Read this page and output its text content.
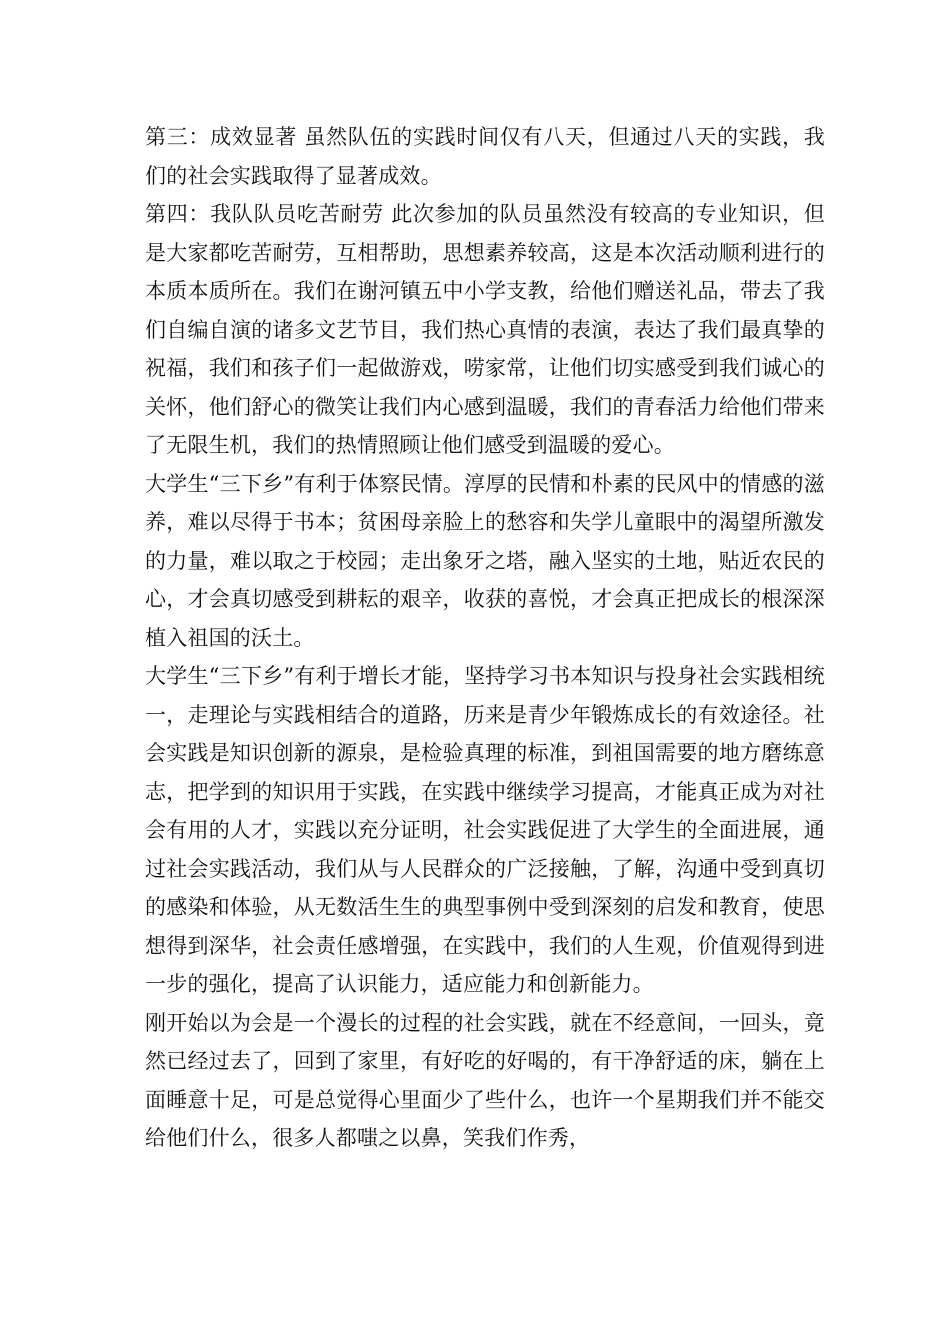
第三：成效显著 虽然队伍的实践时间仅有八天，但通过八天的实践，我们的社会实践取得了显著成效。

第四：我队队员吃苦耐劳 此次参加的队员虽然没有较高的专业知识，但是大家都吃苦耐劳，互相帮助，思想素养较高，这是本次活动顺利进行的本质本质所在。我们在谢河镇五中小学支教，给他们赠送礼品，带去了我们自编自演的诸多文艺节目，我们热心真情的表演，表达了我们最真挚的祝福，我们和孩子们一起做游戏，唠家常，让他们切实感受到我们诚心的关怀，他们舒心的微笑让我们内心感到温暖，我们的青春活力给他们带来了无限生机，我们的热情照顾让他们感受到温暖的爱心。

大学生“三下乡”有利于体察民情。淳厚的民情和朴素的民风中的情感的滋养，难以尽得于书本；贫困母亲脸上的愁容和失学儿童眼中的渴望所激发的力量，难以取之于校园；走出象牙之塔，融入坚实的土地，贴近农民的心，才会真切感受到耕耘的艰辛，收获的喜悦，才会真正把成长的根深深植入祖国的沃土。

大学生“三下乡”有利于增长才能，坚持学习书本知识与投身社会实践相统一，走理论与实践相结合的道路，历来是青少年锻炼成长的有效途径。社会实践是知识创新的源泉，是检验真理的标准，到祖国需要的地方磨练意志，把学到的知识用于实践，在实践中继续学习提高，才能真正成为对社会有用的人才，实践以充分证明，社会实践促进了大学生的全面进展，通过社会实践活动，我们从与人民群众的广泛接触，了解，沟通中受到真切的感染和体验，从无数活生生的典型事例中受到深刻的启发和教育，使思想得到深华，社会责任感增强，在实践中，我们的人生观，价值观得到进一步的强化，提高了认识能力，适应能力和创新能力。

刚开始以为会是一个漫长的过程的社会实践，就在不经意间，一回头，竟然已经过去了，回到了家里，有好吃的好喝的，有干净舒适的床，躺在上面睡意十足，可是总觉得心里面少了些什么，也许一个星期我们并不能交给他们什么，很多人都嗤之以鼻，笑我们作秀，
